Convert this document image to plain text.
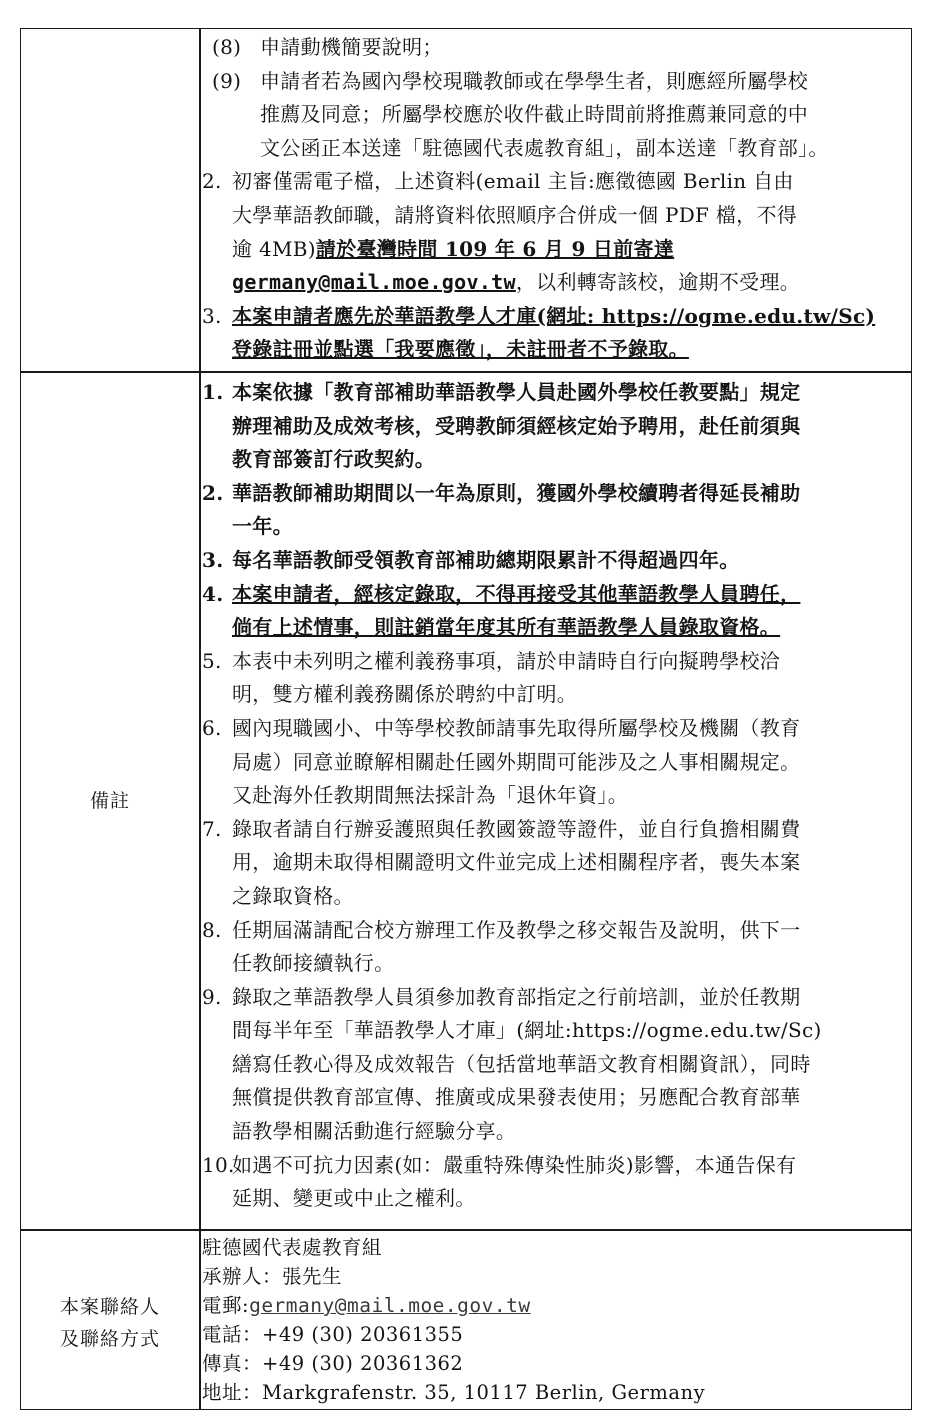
(8) 申請動機簡要說明；
(9) 申請者若為國內學校現職教師或在學學生者，則應經所屬學校
推薦及同意；所屬學校應於收件截止時間前將推薦兼同意的中
文公函正本送達「駐德國代表處教育組」，副本送達「教育部」。
2. 初審僅需電子檔，上述資料(email 主旨:應徵德國 Berlin 自由
大學華語教師職，請將資料依照順序合併成一個 PDF 檔，不得
逾 4MB)請於臺灣時間 109 年 6 月 9 日前寄達
germany@mail.moe.gov.tw，以利轉寄該校，逾期不受理。
3. 本案申請者應先於華語教學人才庫(網址: https://ogme.edu.tw/Sc)
登錄註冊並點選「我要應徵」，未註冊者不予錄取。
備註
1. 本案依據「教育部補助華語教學人員赴國外學校任教要點」規定
辦理補助及成效考核，受聘教師須經核定始予聘用，赴任前須與
教育部簽訂行政契約。
2. 華語教師補助期間以一年為原則，獲國外學校續聘者得延長補助
一年。
3. 每名華語教師受領教育部補助總期限累計不得超過四年。
4. 本案申請者，經核定錄取，不得再接受其他華語教學人員聘任，
倘有上述情事，則註銷當年度其所有華語教學人員錄取資格。
5. 本表中未列明之權利義務事項，請於申請時自行向擬聘學校洽
明，雙方權利義務關係於聘約中訂明。
6. 國內現職國小、中等學校教師請事先取得所屬學校及機關（教育
局處）同意並瞭解相關赴任國外期間可能涉及之人事相關規定。
又赴海外任教期間無法採計為「退休年資」。
7. 錄取者請自行辦妥護照與任教國簽證等證件，並自行負擔相關費
用，逾期未取得相關證明文件並完成上述相關程序者，喪失本案
之錄取資格。
8. 任期屆滿請配合校方辦理工作及教學之移交報告及說明，供下一
任教師接續執行。
9. 錄取之華語教學人員須參加教育部指定之行前培訓，並於任教期
間每半年至「華語教學人才庫」(網址:https://ogme.edu.tw/Sc)
繕寫任教心得及成效報告（包括當地華語文教育相關資訊），同時
無償提供教育部宣傳、推廣或成果發表使用；另應配合教育部華
語教學相關活動進行經驗分享。
10.如遇不可抗力因素(如：嚴重特殊傳染性肺炎)影響，本通告保有
延期、變更或中止之權利。
本案聯絡人
及聯絡方式
駐德國代表處教育組
承辦人：張先生
電郵:germany@mail.moe.gov.tw
電話：+49 (30) 20361355
傳真：+49 (30) 20361362
地址：Markgrafenstr. 35, 10117 Berlin, Germany
